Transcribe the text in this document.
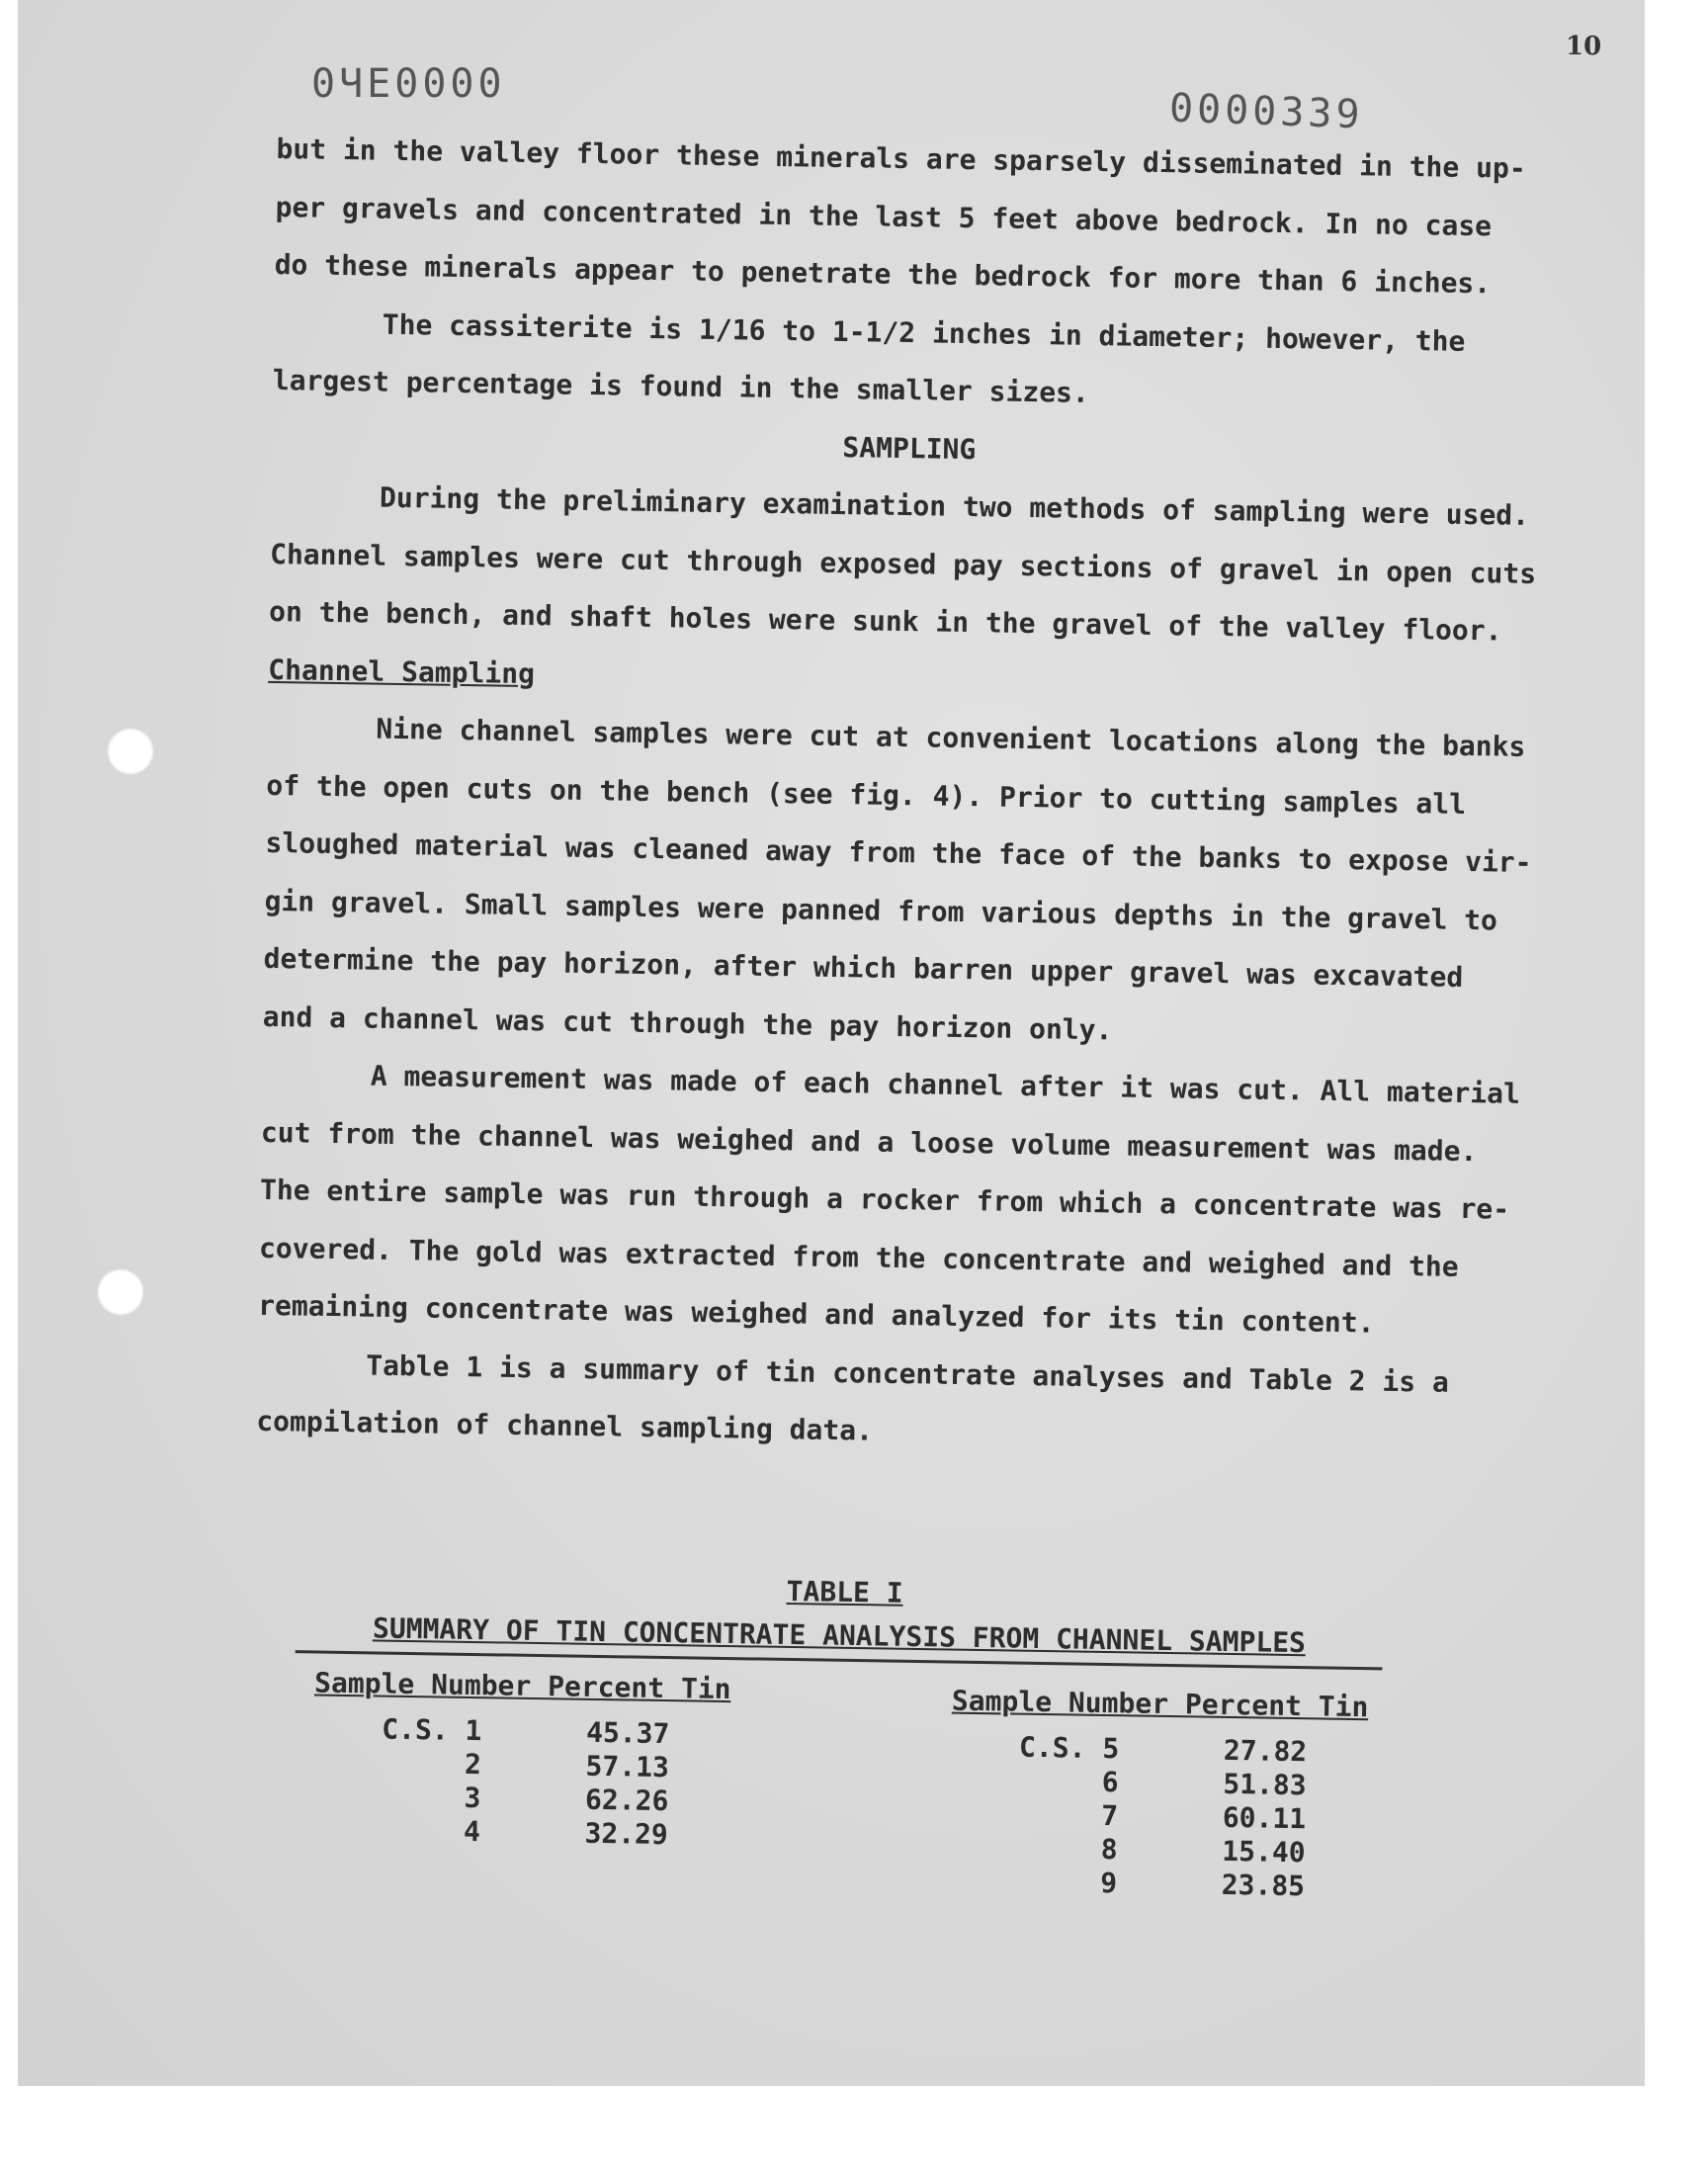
0ЧЕ0000
0000339
10
but in the valley floor these minerals are sparsely disseminated in the up-
per gravels and concentrated in the last 5 feet above bedrock. In no case
do these minerals appear to penetrate the bedrock for more than 6 inches.
The cassiterite is 1/16 to 1-1/2 inches in diameter; however, the
largest percentage is found in the smaller sizes.
SAMPLING
During the preliminary examination two methods of sampling were used.
Channel samples were cut through exposed pay sections of gravel in open cuts
on the bench, and shaft holes were sunk in the gravel of the valley floor.
Channel Sampling
Nine channel samples were cut at convenient locations along the banks
of the open cuts on the bench (see fig. 4). Prior to cutting samples all
sloughed material was cleaned away from the face of the banks to expose vir-
gin gravel. Small samples were panned from various depths in the gravel to
determine the pay horizon, after which barren upper gravel was excavated
and a channel was cut through the pay horizon only.
A measurement was made of each channel after it was cut. All material
cut from the channel was weighed and a loose volume measurement was made.
The entire sample was run through a rocker from which a concentrate was re-
covered. The gold was extracted from the concentrate and weighed and the
remaining concentrate was weighed and analyzed for its tin content.
Table 1 is a summary of tin concentrate analyses and Table 2 is a
compilation of channel sampling data.
TABLE I
SUMMARY OF TIN CONCENTRATE ANALYSIS FROM CHANNEL SAMPLES
Sample Number Percent Tin
C.S. 1	45.37
2	57.13
3	62.26
4	32.29
Sample Number Percent Tin
C.S. 5	27.82
6	51.83
7	60.11
8	15.40
9	23.85
